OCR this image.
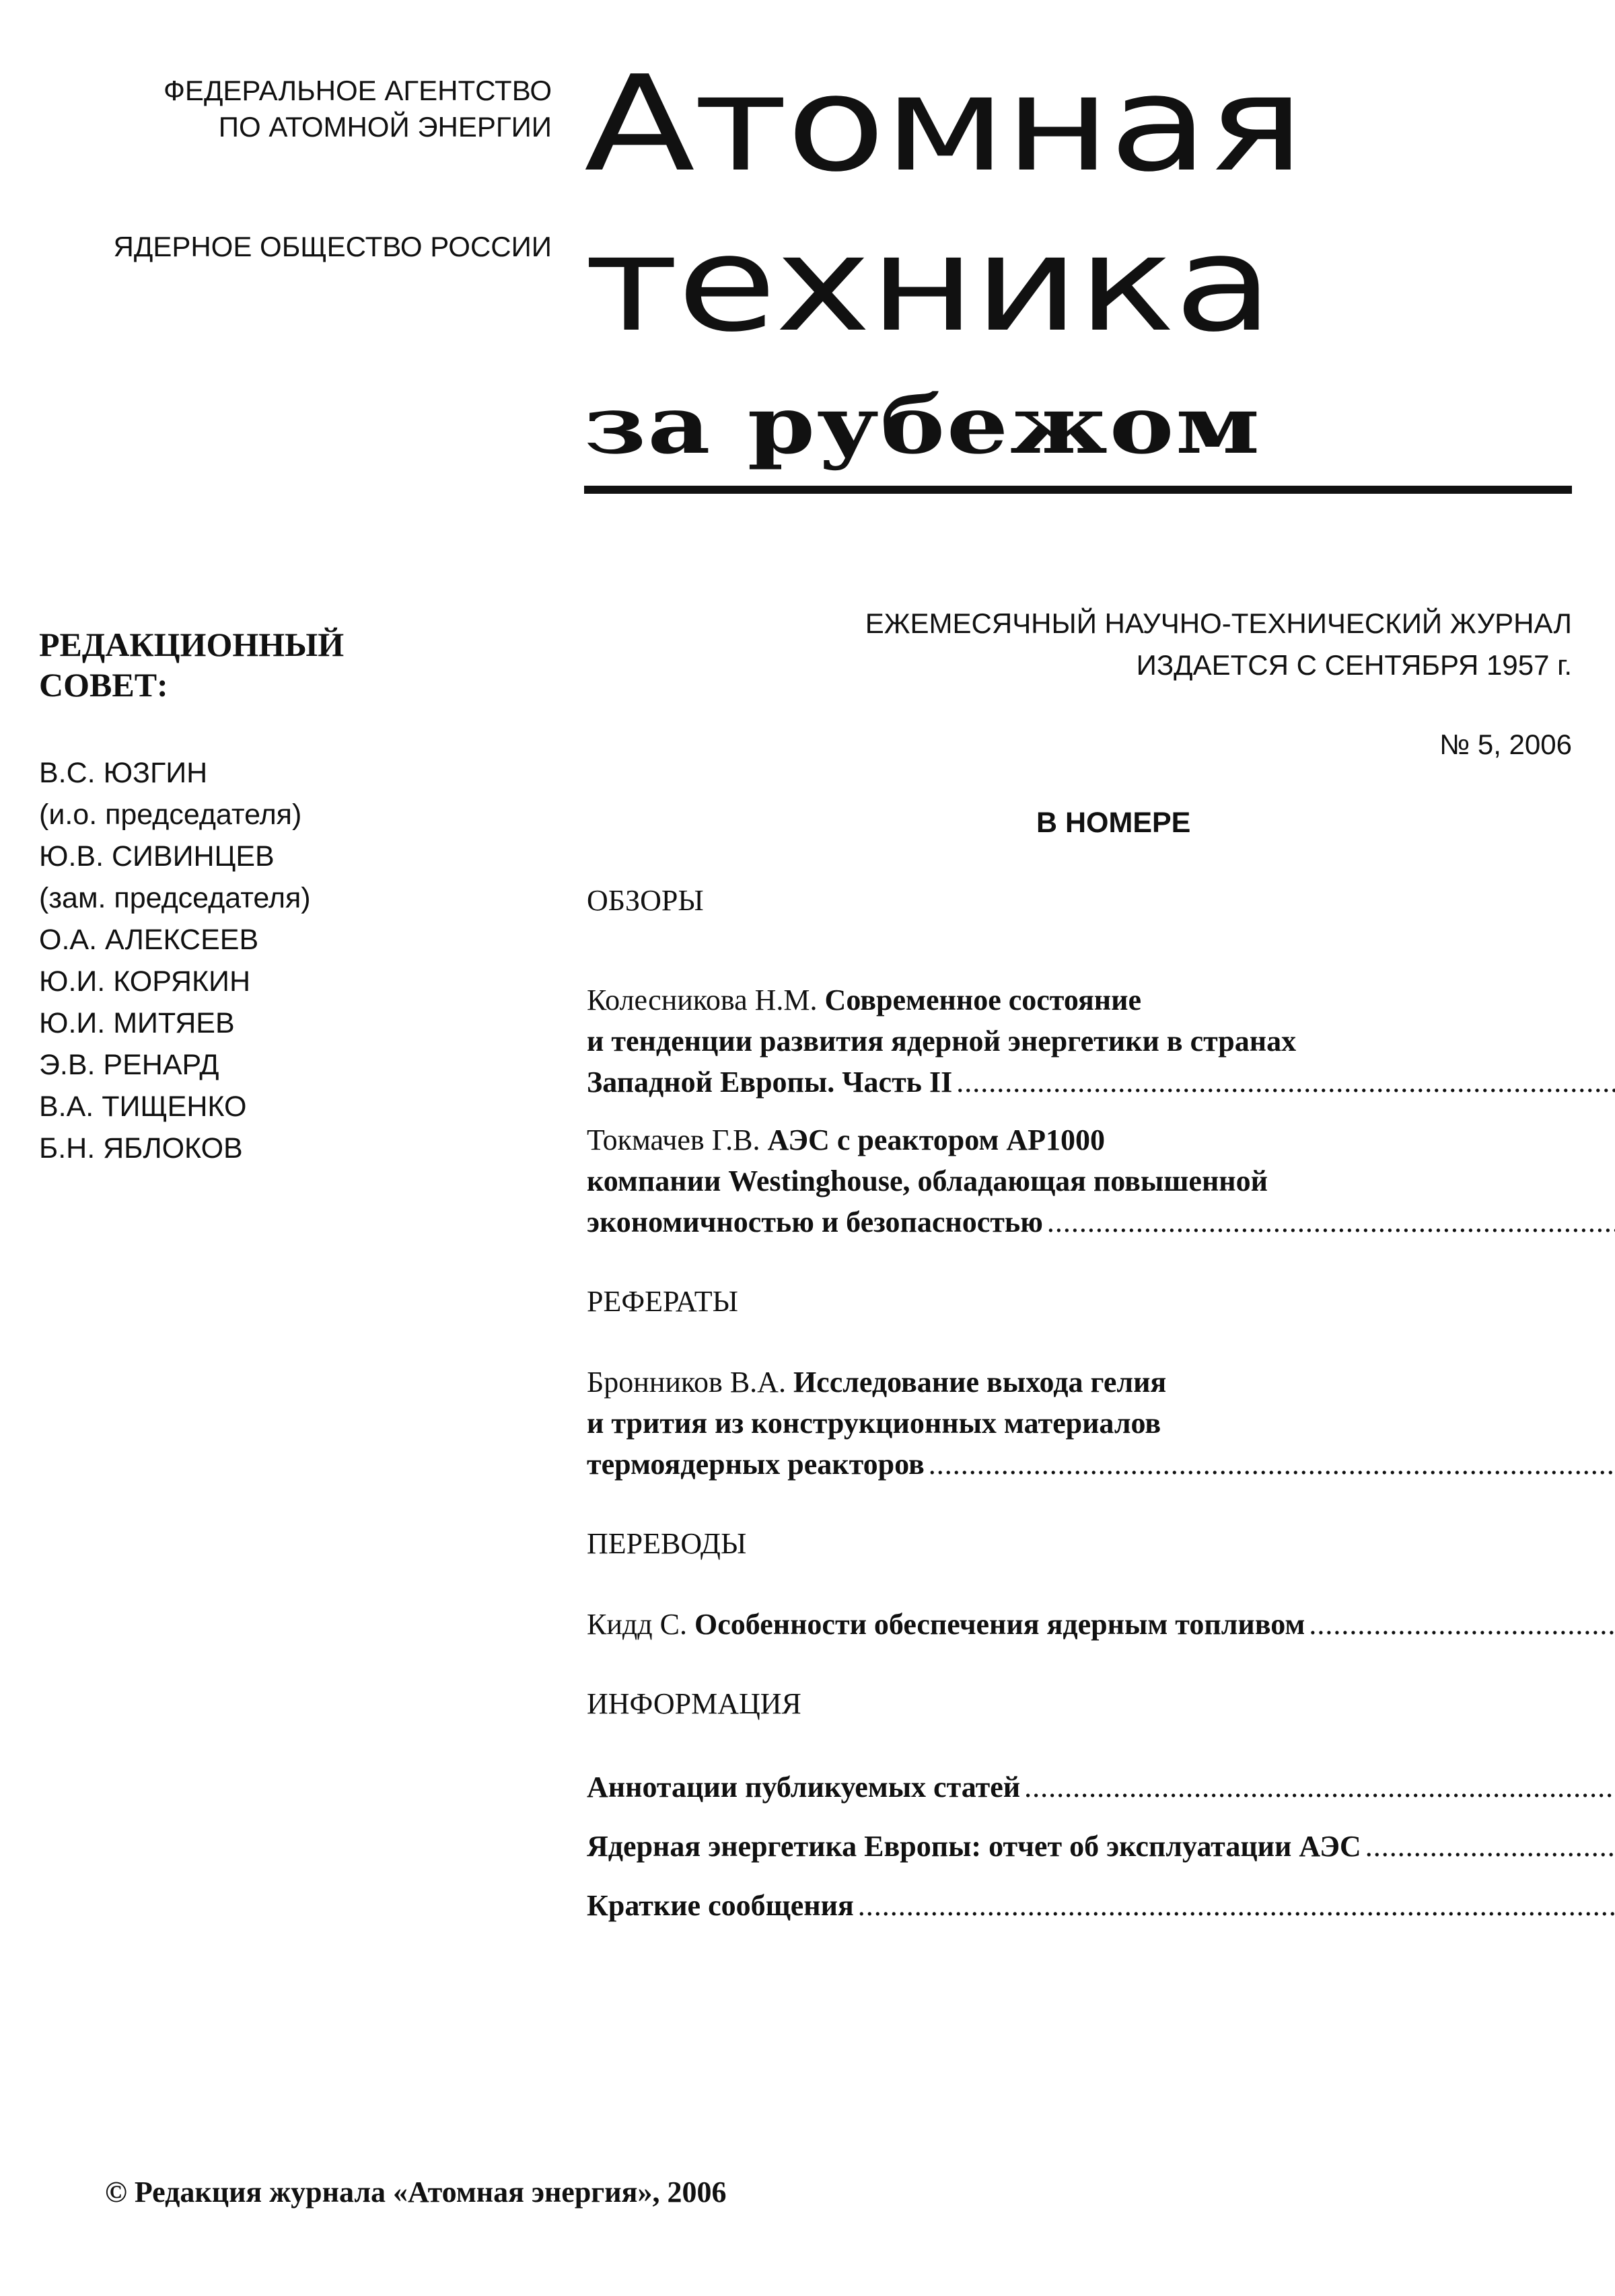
ФЕДЕРАЛЬНОЕ АГЕНТСТВО
ПО АТОМНОЙ ЭНЕРГИИ
ЯДЕРНОЕ ОБЩЕСТВО РОССИИ
Атомная
техника
за рубежом
РЕДАКЦИОННЫЙ СОВЕТ:
В.С. ЮЗГИН
(и.о. председателя)
Ю.В. СИВИНЦЕВ
(зам. председателя)
О.А. АЛЕКСЕЕВ
Ю.И. КОРЯКИН
Ю.И. МИТЯЕВ
Э.В. РЕНАРД
В.А. ТИЩЕНКО
Б.Н. ЯБЛОКОВ
ЕЖЕМЕСЯЧНЫЙ НАУЧНО-ТЕХНИЧЕСКИЙ ЖУРНАЛ
ИЗДАЕТСЯ С СЕНТЯБРЯ 1957 г.
№ 5, 2006
В НОМЕРЕ
ОБЗОРЫ
Колесникова Н.М. Современное состояние
и тенденции развития ядерной энергетики в странах
Западной Европы. Часть II.....
Токмачев Г.В. АЭС с реактором АР1000
компании Westinghouse, обладающая повышенной
экономичностью и безопасностью.....
РЕФЕРАТЫ
Бронников В.А. Исследование выхода гелия
и трития из конструкционных материалов
термоядерных реакторов.....
ПЕРЕВОДЫ
Кидд С. Особенности обеспечения ядерным топливом.....
ИНФОРМАЦИЯ
Аннотации публикуемых статей.....
Ядерная энергетика Европы: отчет об эксплуатации АЭС.....
Краткие сообщения.....
© Редакция журнала «Атомная энергия», 2006
